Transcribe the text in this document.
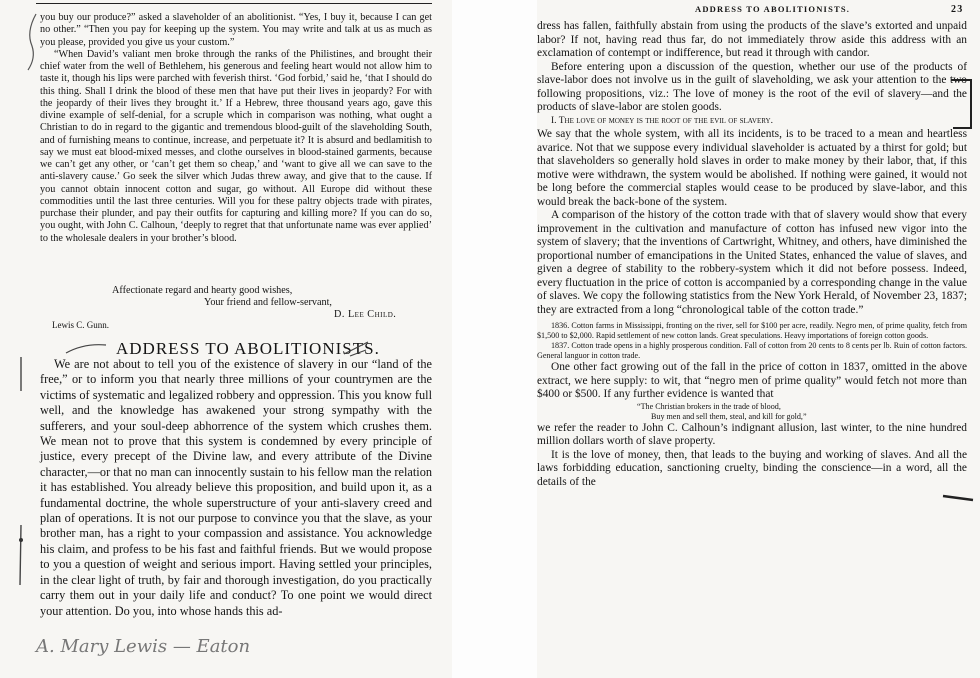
you buy our produce?” asked a slaveholder of an abolitionist. “Yes, I buy it, because I can get no other.” “Then you pay for keeping up the system. You may write and talk at us as much as you please, provided you give us your custom.”

“When David’s valiant men broke through the ranks of the Philistines, and brought their chief water from the well of Bethlehem, his generous and feeling heart would not allow him to taste it, though his lips were parched with feverish thirst. ‘God forbid,’ said he, ‘that I should do this thing. Shall I drink the blood of these men that have put their lives in jeopardy? For with the jeopardy of their lives they brought it.’ If a Hebrew, three thousand years ago, gave this divine example of self-denial, for a scruple which in comparison was nothing, what ought a Christian to do in regard to the gigantic and tremendous blood-guilt of the slaveholding South, and of furnishing means to continue, increase, and perpetuate it? It is absurd and bedlamitish to say we must eat blood-mixed messes, and clothe ourselves in blood-stained garments, because we can’t get any other, or ‘can’t get them so cheap,’ and ‘want to give all we can save to the anti-slavery cause.’ Go seek the silver which Judas threw away, and give that to the cause. If you cannot obtain innocent cotton and sugar, go without. All Europe did without these commodities until the last three centuries. Will you for these paltry objects trade with pirates, purchase their plunder, and pay their outfits for capturing and killing more? If you can do so, you ought, with John C. Calhoun, ‘deeply to regret that that unfortunate name was ever applied’ to the wholesale dealers in your brother’s blood.

Affectionate regard and hearty good wishes,
Your friend and fellow-servant,
D. Lee Child.
Lewis C. Gunn.
ADDRESS TO ABOLITIONISTS.

We are not about to tell you of the existence of slavery in our “land of the free,” or to inform you that nearly three millions of your countrymen are the victims of systematic and legalized robbery and oppression. This you know full well, and the knowledge has awakened your strong sympathy with the sufferers, and your soul-deep abhorrence of the system which crushes them. We mean not to prove that this system is condemned by every principle of justice, every precept of the Divine law, and every attribute of the Divine character,—or that no man can innocently sustain to his fellow man the relation it has established. You already believe this proposition, and build upon it, as a fundamental doctrine, the whole superstructure of your anti-slavery creed and plan of operations. It is not our purpose to convince you that the slave, as your brother man, has a right to your compassion and assistance. You acknowledge his claim, and profess to be his fast and faithful friends. But we would propose to you a question of weight and serious import. Having settled your principles, in the clear light of truth, by fair and thorough investigation, do you practically carry them out in your daily life and conduct? To one point we would direct your attention. Do you, into whose hands this ad-

A. Mary Lewis — Eaton
ADDRESS TO ABOLITIONISTS.	23

dress has fallen, faithfully abstain from using the products of the slave’s extorted and unpaid labor? If not, having read thus far, do not immediately throw aside this address with an exclamation of contempt or indifference, but read it through with candor.

Before entering upon a discussion of the question, whether our use of the products of slave-labor does not involve us in the guilt of slaveholding, we ask your attention to the two following propositions, viz.: The love of money is the root of the evil of slavery—and the products of slave-labor are stolen goods.

I. The love of money is the root of the evil of slavery.

We say that the whole system, with all its incidents, is to be traced to a mean and heartless avarice. Not that we suppose every individual slaveholder is actuated by a thirst for gold; but that slaveholders so generally hold slaves in order to make money by their labor, that, if this motive were withdrawn, the system would be abolished. If nothing were gained, it would not be long before the commercial staples would cease to be produced by slave-labor, and this would break the back-bone of the system.

A comparison of the history of the cotton trade with that of slavery would show that every improvement in the cultivation and manufacture of cotton has infused new vigor into the system of slavery; that the inventions of Cartwright, Whitney, and others, have diminished the proportional number of emancipations in the United States, enhanced the value of slaves, and given a degree of stability to the robbery-system which it did not before possess. Indeed, every fluctuation in the price of cotton is accompanied by a corresponding change in the value of slaves. We copy the following statistics from the New York Herald, of November 23, 1837; they are extracted from a long “chronological table of the cotton trade.”

1836. Cotton farms in Mississippi, fronting on the river, sell for $100 per acre, readily. Negro men, of prime quality, fetch from $1,500 to $2,000. Rapid settlement of new cotton lands. Great speculations. Heavy importations of foreign cotton goods.

1837. Cotton trade opens in a highly prosperous condition. Fall of cotton from 20 cents to 8 cents per lb. Ruin of cotton factors. General languor in cotton trade.

One other fact growing out of the fall in the price of cotton in 1837, omitted in the above extract, we here supply: to wit, that “negro men of prime quality” would fetch not more than $400 or $500. If any further evidence is wanted that

“The Christian brokers in the trade of blood,

Buy men and sell them, steal, and kill for gold,”

we refer the reader to John C. Calhoun’s indignant allusion, last winter, to the nine hundred million dollars worth of slave property.

It is the love of money, then, that leads to the buying and working of slaves. And all the laws forbidding education, sanctioning cruelty, binding the conscience—in a word, all the details of the
